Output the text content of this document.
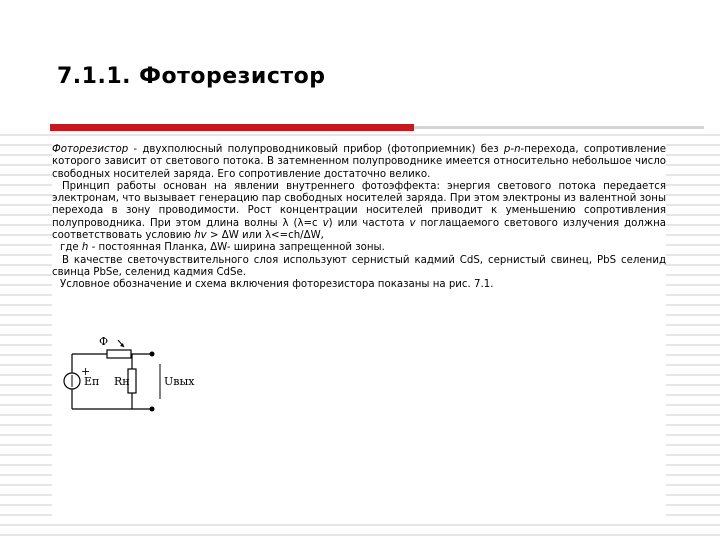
7.1.1. Фоторезистор

Фоторезистор - двухполюсный полупроводниковый прибор (фотоприемник) без р-n-перехода, сопротивление которого зависит от светового потока. В затемненном полупроводнике имеется относительно небольшое число свободных носителей заряда. Его сопротивление достаточно велико.

Принцип работы основан на явлении внутреннего фотоэффекта: энергия светового потока передается электронам, что вызывает генерацию пар свободных носителей заряда. При этом электроны из валентной зоны перехода в зону проводимости. Рост концентрации носителей приводит к уменьшению сопротивления полупроводника. При этом длина волны λ (λ=с v) или частота v поглащаемого светового излучения должна соответствовать условию hv > ΔW или λ<=ch/ΔW,

где h - постоянная Планка, ΔW- ширина запрещенной зоны.

В качестве светочувствительного слоя используют сернистый кадмий CdS, сернистый свинец, PbS селенид свинца PbSe, селенид кадмия CdSe.

Условное обозначение и схема включения фоторезистора показаны на рис. 7.1.

Ф
+
Еп Rн	Uвых
